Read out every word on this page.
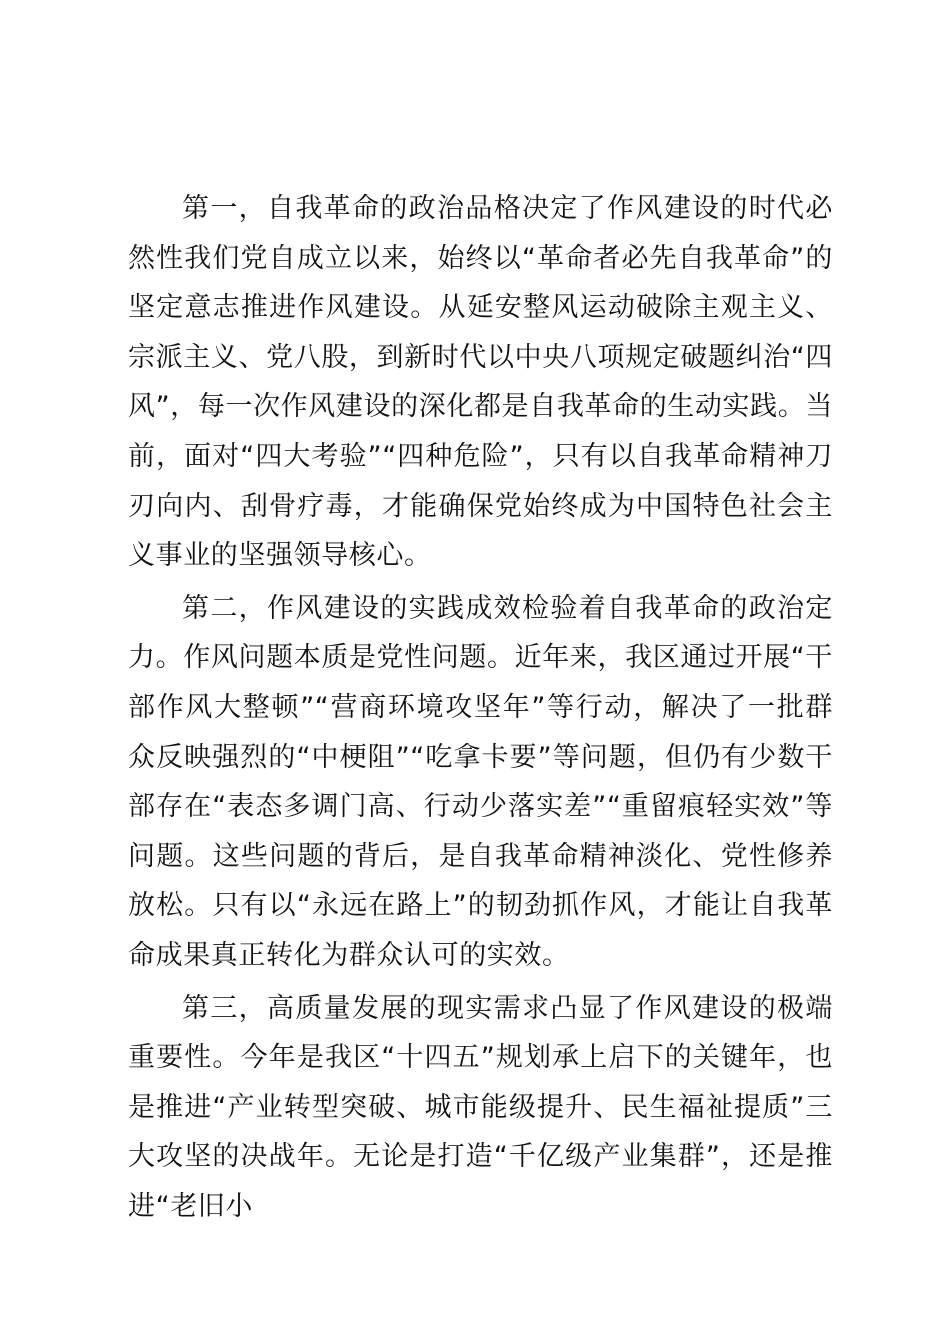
第一，自我革命的政治品格决定了作风建设的时代必然性我们党自成立以来，始终以“革命者必先自我革命”的坚定意志推进作风建设。从延安整风运动破除主观主义、宗派主义、党八股，到新时代以中央八项规定破题纠治“四风”，每一次作风建设的深化都是自我革命的生动实践。当前，面对“四大考验”“四种危险”，只有以自我革命精神刀刃向内、刮骨疗毒，才能确保党始终成为中国特色社会主义事业的坚强领导核心。

第二，作风建设的实践成效检验着自我革命的政治定力。作风问题本质是党性问题。近年来，我区通过开展“干部作风大整顿”“营商环境攻坚年”等行动，解决了一批群众反映强烈的“中梗阻”“吃拿卡要”等问题，但仍有少数干部存在“表态多调门高、行动少落实差”“重留痕轻实效”等问题。这些问题的背后，是自我革命精神淡化、党性修养放松。只有以“永远在路上”的韧劲抓作风，才能让自我革命成果真正转化为群众认可的实效。

第三，高质量发展的现实需求凸显了作风建设的极端重要性。今年是我区“十四五”规划承上启下的关键年，也是推进“产业转型突破、城市能级提升、民生福祉提质”三大攻坚的决战年。无论是打造“千亿级产业集群”，还是推进“老旧小
